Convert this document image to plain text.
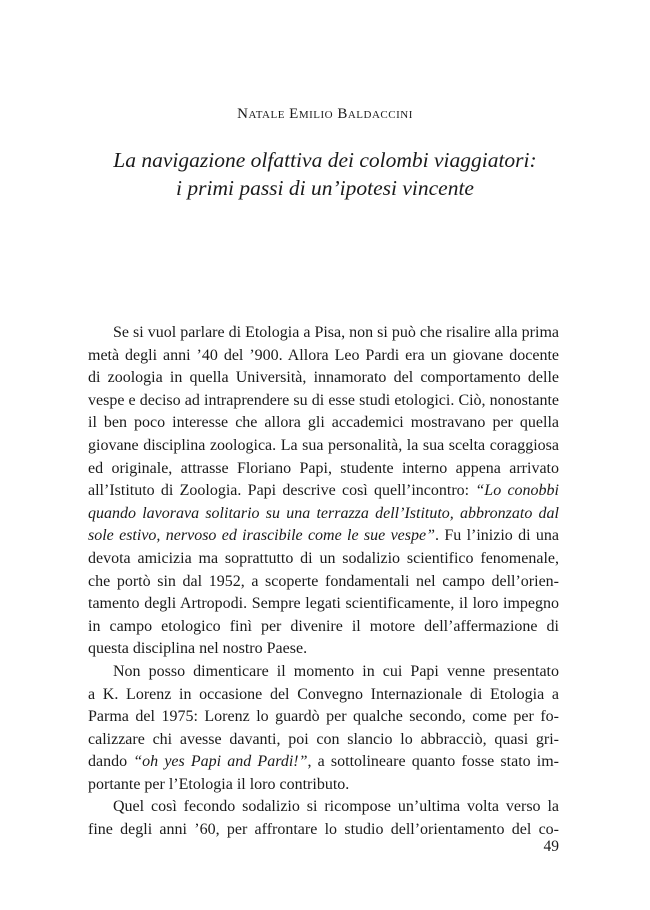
Natale Emilio Baldaccini
La navigazione olfattiva dei colombi viaggiatori:
i primi passi di un’ipotesi vincente
Se si vuol parlare di Etologia a Pisa, non si può che risalire alla prima
metà degli anni ’40 del ’900. Allora Leo Pardi era un giovane docente
di zoologia in quella Università, innamorato del comportamento delle
vespe e deciso ad intraprendere su di esse studi etologici. Ciò, nonostante
il ben poco interesse che allora gli accademici mostravano per quella
giovane disciplina zoologica. La sua personalità, la sua scelta coraggiosa
ed originale, attrasse Floriano Papi, studente interno appena arrivato
all’Istituto di Zoologia. Papi descrive così quell’incontro: “Lo conobbi
quando lavorava solitario su una terrazza dell’Istituto, abbronzato dal
sole estivo, nervoso ed irascibile come le sue vespe”. Fu l’inizio di una
devota amicizia ma soprattutto di un sodalizio scientifico fenomenale,
che portò sin dal 1952, a scoperte fondamentali nel campo dell’orien-
tamento degli Artropodi. Sempre legati scientificamente, il loro impegno
in campo etologico finì per divenire il motore dell’affermazione di
questa disciplina nel nostro Paese.
Non posso dimenticare il momento in cui Papi venne presentato
a K. Lorenz in occasione del Convegno Internazionale di Etologia a
Parma del 1975: Lorenz lo guardò per qualche secondo, come per fo-
calizzare chi avesse davanti, poi con slancio lo abbracciò, quasi gri-
dando “oh yes Papi and Pardi!”, a sottolineare quanto fosse stato im-
portante per l’Etologia il loro contributo.
Quel così fecondo sodalizio si ricompose un’ultima volta verso la
fine degli anni ’60, per affrontare lo studio dell’orientamento del co-
49
